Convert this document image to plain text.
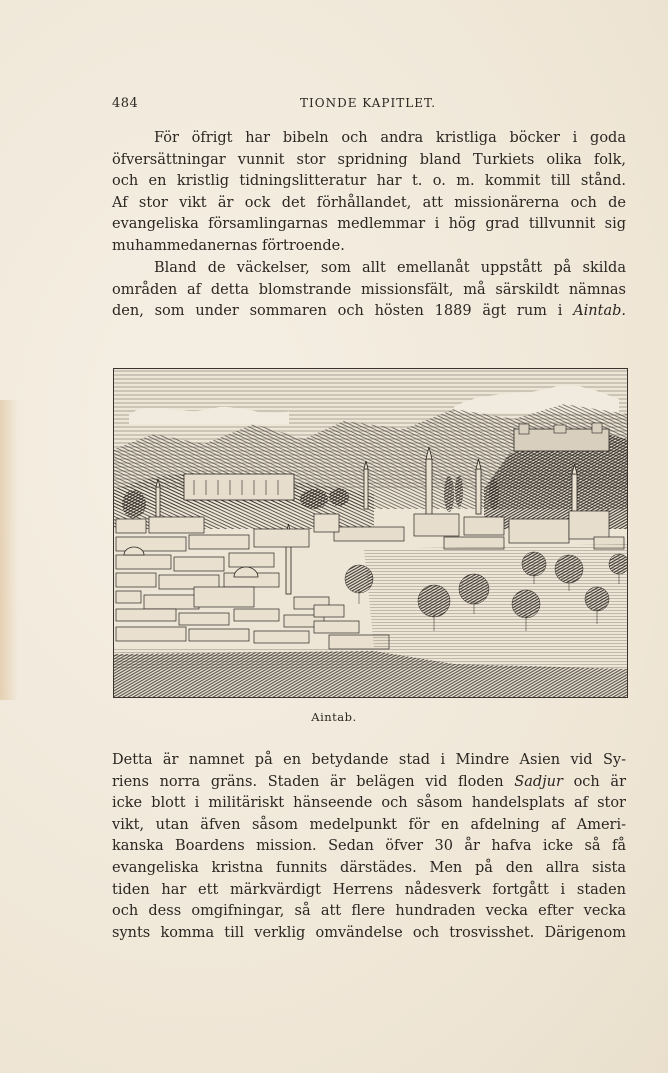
484	TIONDE KAPITLET.
För öfrigt har bibeln och andra kristliga böcker i goda
öfversättningar vunnit stor spridning bland Turkiets olika folk,
och en kristlig tidningslitteratur har t. o. m. kommit till stånd.
Af stor vikt är ock det förhållandet, att missionärerna och de
evangeliska församlingarnas medlemmar i hög grad tillvunnit sig
muhammedanernas förtroende.
Bland de väckelser, som allt emellanåt uppstått på skilda
områden af detta blomstrande missionsfält, må särskildt nämnas
den, som under sommaren och hösten 1889 ägt rum i Aintab.
Aintab.
Detta är namnet på en betydande stad i Mindre Asien vid Sy-
riens norra gräns. Staden är belägen vid floden Sadjur och är
icke blott i militäriskt hänseende och såsom handelsplats af stor
vikt, utan äfven såsom medelpunkt för en afdelning af Ameri-
kanska Boardens mission. Sedan öfver 30 år hafva icke så få
evangeliska kristna funnits därstädes. Men på den allra sista
tiden har ett märkvärdigt Herrens nådesverk fortgått i staden
och dess omgifningar, så att flere hundraden vecka efter vecka
synts komma till verklig omvändelse och trosvisshet. Därigenom
